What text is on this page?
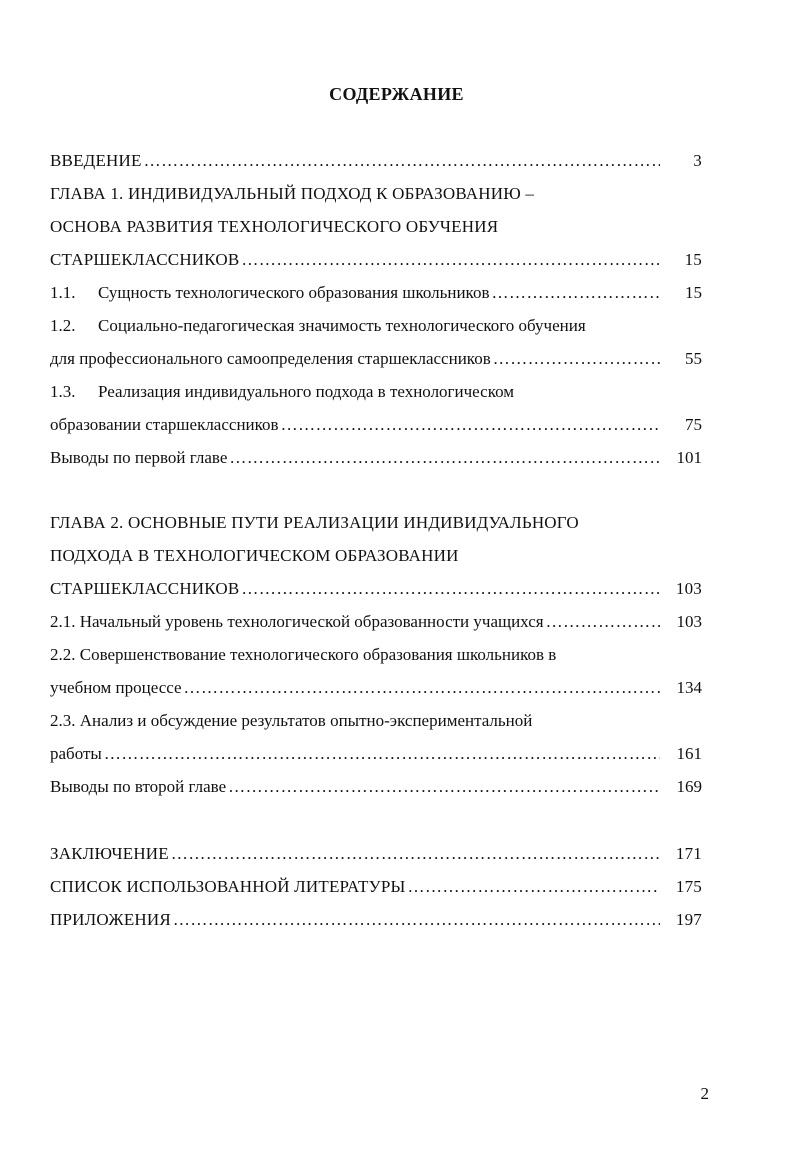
СОДЕРЖАНИЕ
ВВЕДЕНИЕ ……………………………………………………………………………………………………………………………………………………………………………………………………………	3
ГЛАВА 1. ИНДИВИДУАЛЬНЫЙ ПОДХОД К ОБРАЗОВАНИЮ –
ОСНОВА РАЗВИТИЯ ТЕХНОЛОГИЧЕСКОГО ОБУЧЕНИЯ
СТАРШЕКЛАССНИКОВ ……………………………………………………………………………………………………………………………………………………………………………………………………………	15
1.1. Сущность технологического образования школьников ……………………………………………………………………………………………………………………………………………………………………………………………………………	15
1.2. Социально-педагогическая значимость технологического обучения
для профессионального самоопределения старшеклассников ……………………………………………………………………………………………………………………………………………………………………………………………………………	55
1.3. Реализация индивидуального подхода в технологическом
образовании старшеклассников ……………………………………………………………………………………………………………………………………………………………………………………………………………	75
Выводы по первой главе ……………………………………………………………………………………………………………………………………………………………………………………………………………	101
ГЛАВА 2. ОСНОВНЫЕ ПУТИ РЕАЛИЗАЦИИ ИНДИВИДУАЛЬНОГО
ПОДХОДА В ТЕХНОЛОГИЧЕСКОМ ОБРАЗОВАНИИ
СТАРШЕКЛАССНИКОВ ……………………………………………………………………………………………………………………………………………………………………………………………………………	103
2.1. Начальный уровень технологической образованности учащихся ……………………………………………………………………………………………………………………………………………………………………………………………………………	103
2.2. Совершенствование технологического образования школьников в
учебном процессе ……………………………………………………………………………………………………………………………………………………………………………………………………………	134
2.3. Анализ и обсуждение результатов опытно-экспериментальной
работы ……………………………………………………………………………………………………………………………………………………………………………………………………………	161
Выводы по второй главе ……………………………………………………………………………………………………………………………………………………………………………………………………………	169
ЗАКЛЮЧЕНИЕ ……………………………………………………………………………………………………………………………………………………………………………………………………………	171
СПИСОК ИСПОЛЬЗОВАННОЙ ЛИТЕРАТУРЫ ……………………………………………………………………………………………………………………………………………………………………………………………………………	175
ПРИЛОЖЕНИЯ ……………………………………………………………………………………………………………………………………………………………………………………………………………	197
2
